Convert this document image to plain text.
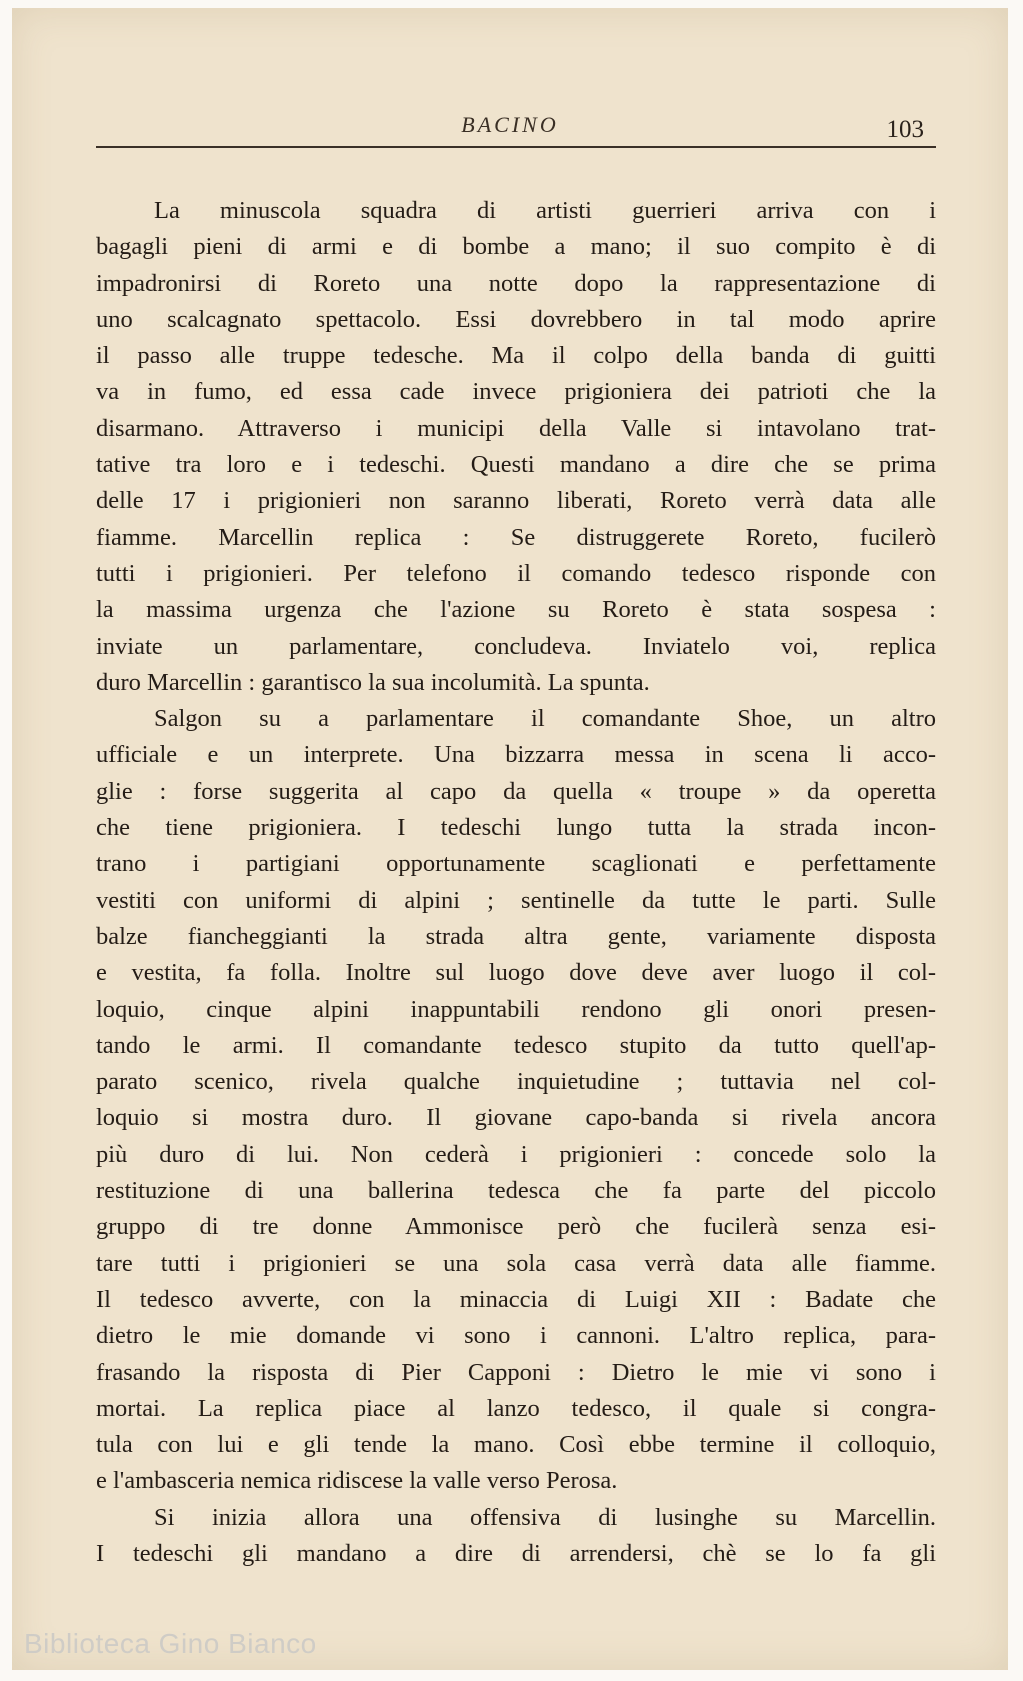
BACINO	103

La minuscola squadra di artisti guerrieri arriva con i
bagagli pieni di armi e di bombe a mano; il suo compito è di
impadronirsi di Roreto una notte dopo la rappresentazione di
uno scalcagnato spettacolo. Essi dovrebbero in tal modo aprire
il passo alle truppe tedesche. Ma il colpo della banda di guitti
va in fumo, ed essa cade invece prigioniera dei patrioti che la
disarmano. Attraverso i municipi della Valle si intavolano trat-
tative tra loro e i tedeschi. Questi mandano a dire che se prima
delle 17 i prigionieri non saranno liberati, Roreto verrà data alle
fiamme. Marcellin replica : Se distruggerete Roreto, fucilerò
tutti i prigionieri. Per telefono il comando tedesco risponde con
la massima urgenza che l'azione su Roreto è stata sospesa :
inviate un parlamentare, concludeva. Inviatelo voi, replica
duro Marcellin : garantisco la sua incolumità. La spunta.

Salgon su a parlamentare il comandante Shoe, un altro
ufficiale e un interprete. Una bizzarra messa in scena li acco-
glie : forse suggerita al capo da quella « troupe » da operetta
che tiene prigioniera. I tedeschi lungo tutta la strada incon-
trano i partigiani opportunamente scaglionati e perfettamente
vestiti con uniformi di alpini ; sentinelle da tutte le parti. Sulle
balze fiancheggianti la strada altra gente, variamente disposta
e vestita, fa folla. Inoltre sul luogo dove deve aver luogo il col-
loquio, cinque alpini inappuntabili rendono gli onori presen-
tando le armi. Il comandante tedesco stupito da tutto quell'ap-
parato scenico, rivela qualche inquietudine ; tuttavia nel col-
loquio si mostra duro. Il giovane capo-banda si rivela ancora
più duro di lui. Non cederà i prigionieri : concede solo la
restituzione di una ballerina tedesca che fa parte del piccolo
gruppo di tre donne Ammonisce però che fucilerà senza esi-
tare tutti i prigionieri se una sola casa verrà data alle fiamme.
Il tedesco avverte, con la minaccia di Luigi XII : Badate che
dietro le mie domande vi sono i cannoni. L'altro replica, para-
frasando la risposta di Pier Capponi : Dietro le mie vi sono i
mortai. La replica piace al lanzo tedesco, il quale si congra-
tula con lui e gli tende la mano. Così ebbe termine il colloquio,
e l'ambasceria nemica ridiscese la valle verso Perosa.

Si inizia allora una offensiva di lusinghe su Marcellin.
I tedeschi gli mandano a dire di arrendersi, chè se lo fa gli

Biblioteca Gino Bianco
